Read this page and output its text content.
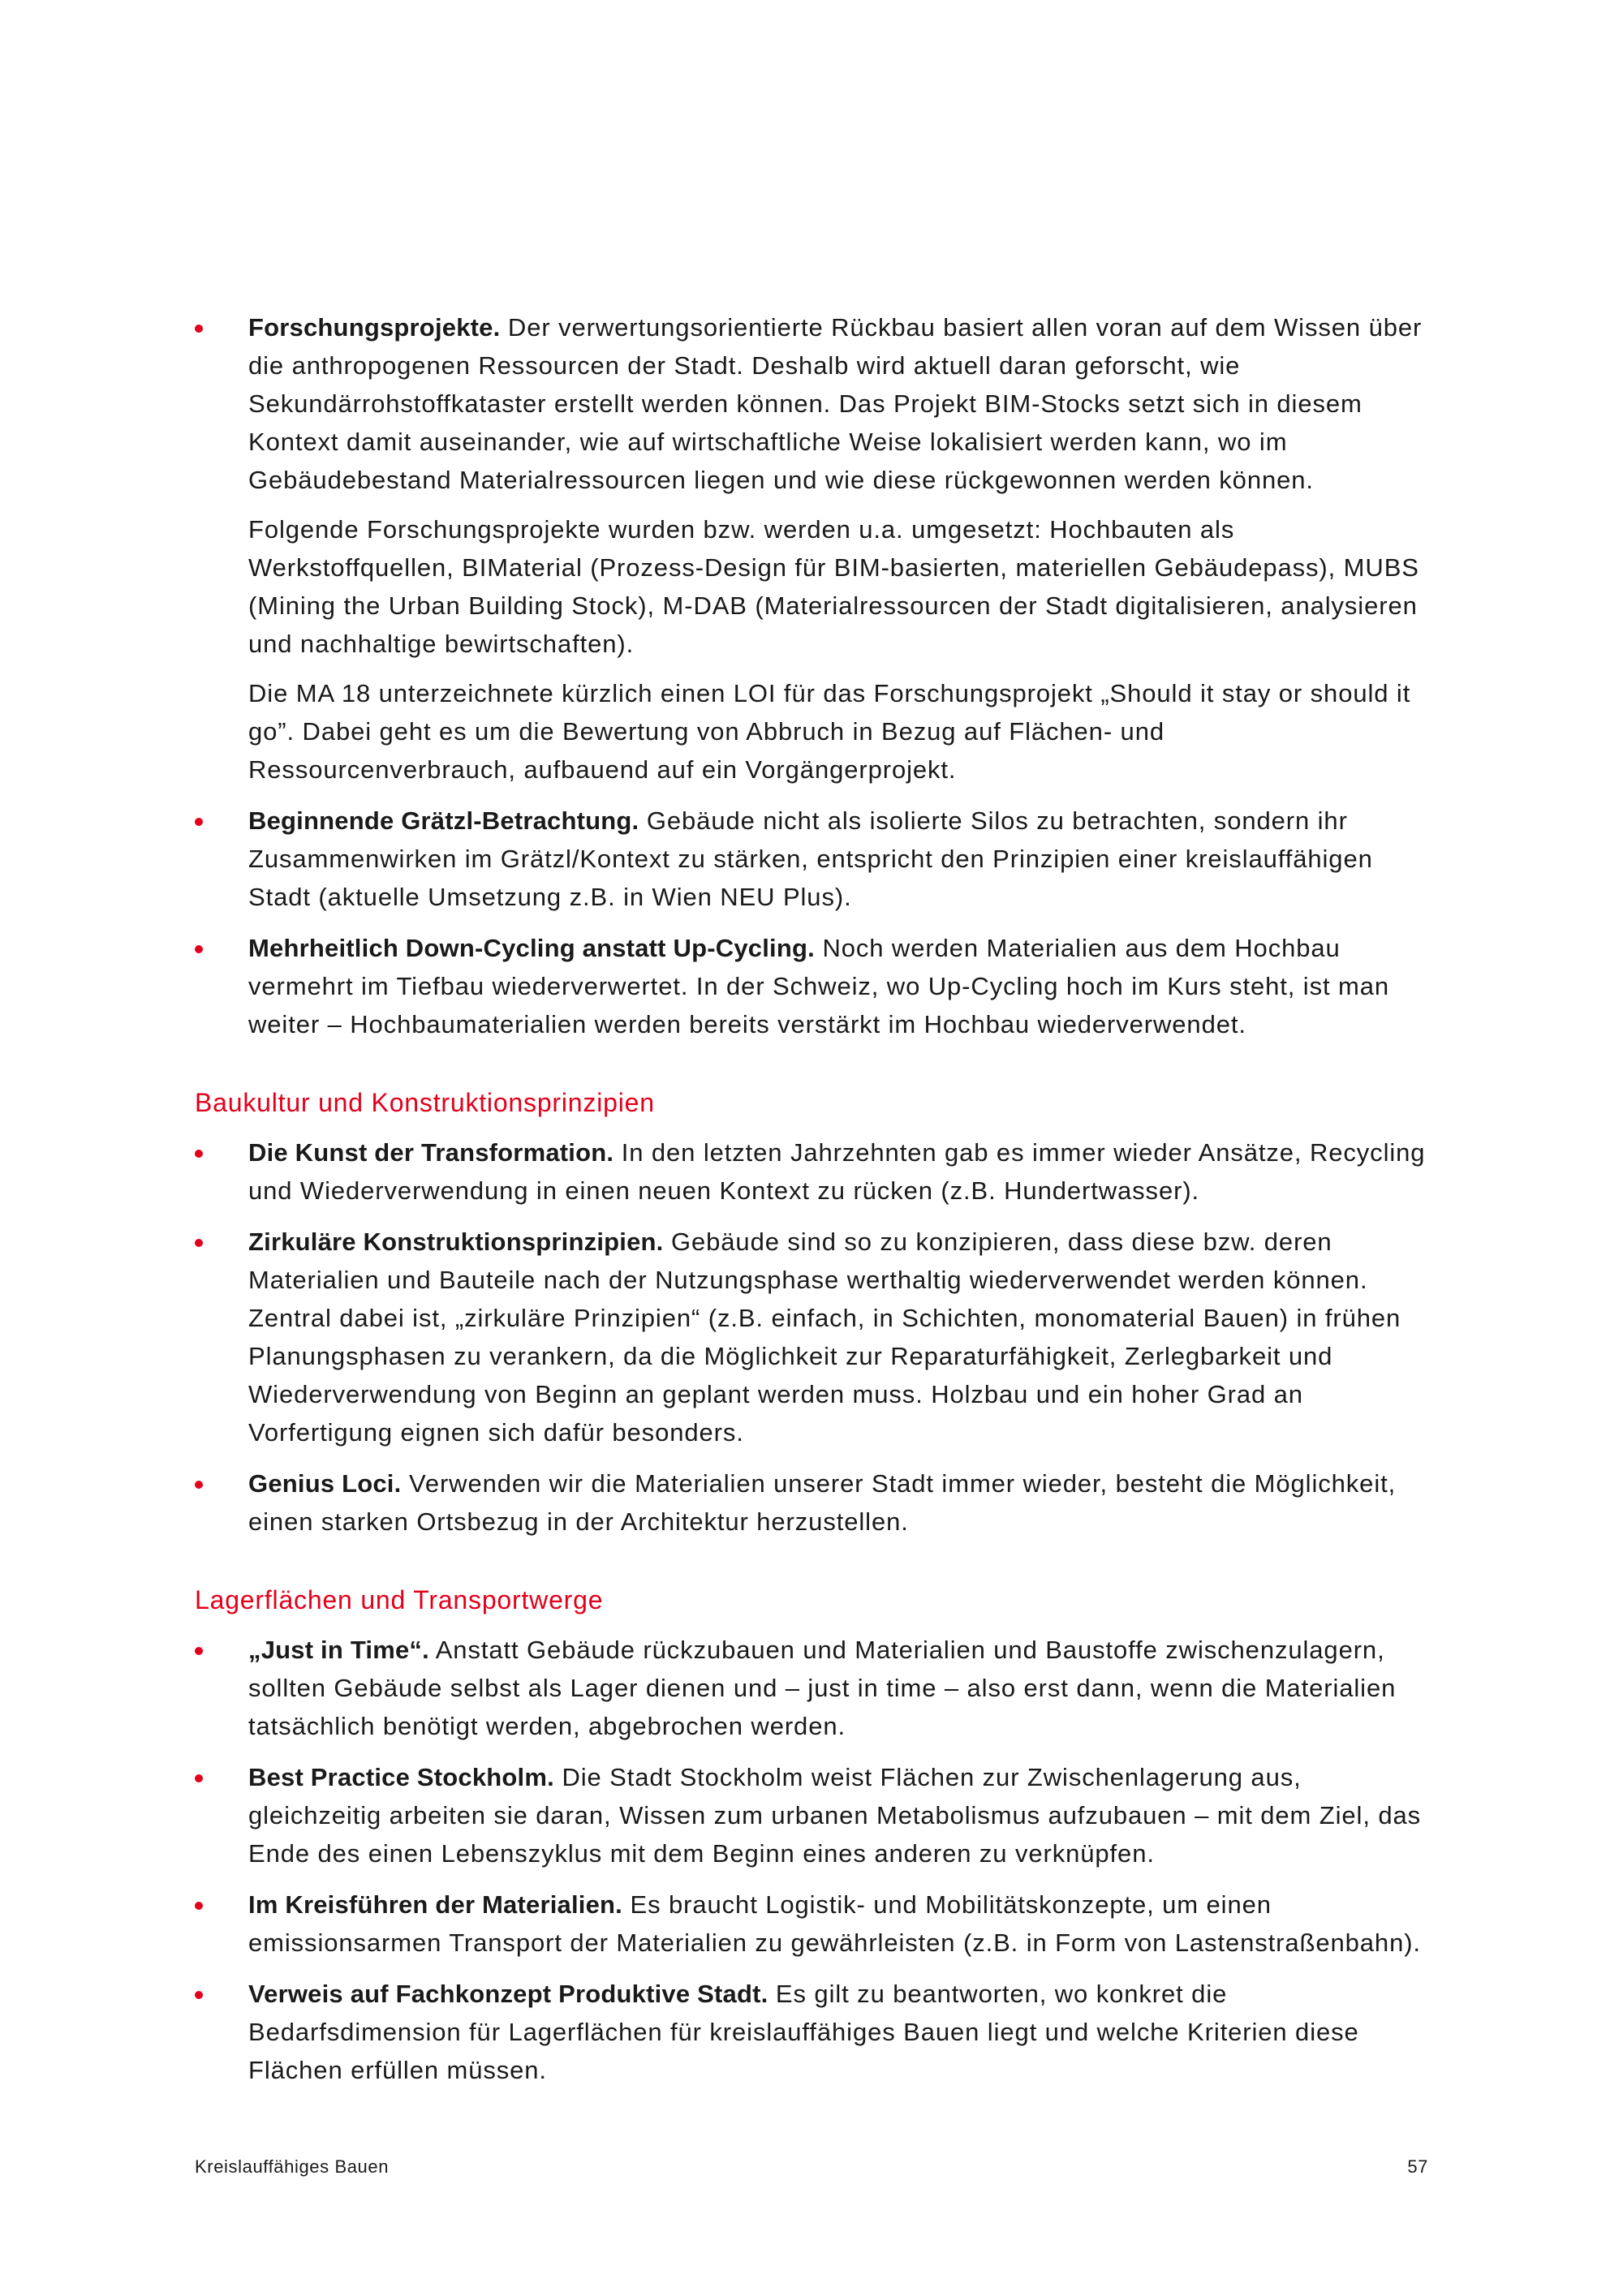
Forschungsprojekte. Der verwertungsorientierte Rückbau basiert allen voran auf dem Wissen über die anthropogenen Ressourcen der Stadt. Deshalb wird aktuell daran geforscht, wie Sekundärrohstoffkataster erstellt werden können. Das Projekt BIM-Stocks setzt sich in diesem Kontext damit auseinander, wie auf wirtschaftliche Weise lokalisiert werden kann, wo im Gebäudebestand Materialressourcen liegen und wie diese rückgewonnen werden können.

Folgende Forschungsprojekte wurden bzw. werden u.a. umgesetzt: Hochbauten als Werkstoffquellen, BIMaterial (Prozess-Design für BIM-basierten, materiellen Gebäudepass), MUBS (Mining the Urban Building Stock), M-DAB (Materialressourcen der Stadt digitalisieren, analysieren und nachhaltige bewirtschaften).

Die MA 18 unterzeichnete kürzlich einen LOI für das Forschungsprojekt „Should it stay or should it go”. Dabei geht es um die Bewertung von Abbruch in Bezug auf Flächen- und Ressourcenverbrauch, aufbauend auf ein Vorgängerprojekt.

Beginnende Grätzl-Betrachtung. Gebäude nicht als isolierte Silos zu betrachten, sondern ihr Zusammenwirken im Grätzl/Kontext zu stärken, entspricht den Prinzipien einer kreislauffähigen Stadt (aktuelle Umsetzung z.B. in Wien NEU Plus).

Mehrheitlich Down-Cycling anstatt Up-Cycling. Noch werden Materialien aus dem Hochbau vermehrt im Tiefbau wiederverwertet. In der Schweiz, wo Up-Cycling hoch im Kurs steht, ist man weiter – Hochbaumaterialien werden bereits verstärkt im Hochbau wiederverwendet.

Baukultur und Konstruktionsprinzipien

Die Kunst der Transformation. In den letzten Jahrzehnten gab es immer wieder Ansätze, Recycling und Wiederverwendung in einen neuen Kontext zu rücken (z.B. Hundertwasser).

Zirkuläre Konstruktionsprinzipien. Gebäude sind so zu konzipieren, dass diese bzw. deren Materialien und Bauteile nach der Nutzungsphase werthaltig wiederverwendet werden können. Zentral dabei ist, „zirkuläre Prinzipien“ (z.B. einfach, in Schichten, monomaterial Bauen) in frühen Planungsphasen zu verankern, da die Möglichkeit zur Reparaturfähigkeit, Zerlegbarkeit und Wiederverwendung von Beginn an geplant werden muss. Holzbau und ein hoher Grad an Vorfertigung eignen sich dafür besonders.

Genius Loci. Verwenden wir die Materialien unserer Stadt immer wieder, besteht die Möglichkeit, einen starken Ortsbezug in der Architektur herzustellen.

Lagerflächen und Transportwerge

„Just in Time“. Anstatt Gebäude rückzubauen und Materialien und Baustoffe zwischenzulagern, sollten Gebäude selbst als Lager dienen und – just in time – also erst dann, wenn die Materialien tatsächlich benötigt werden, abgebrochen werden.

Best Practice Stockholm. Die Stadt Stockholm weist Flächen zur Zwischenlagerung aus, gleichzeitig arbeiten sie daran, Wissen zum urbanen Metabolismus aufzubauen – mit dem Ziel, das Ende des einen Lebenszyklus mit dem Beginn eines anderen zu verknüpfen.

Im Kreisführen der Materialien. Es braucht Logistik- und Mobilitätskonzepte, um einen emissionsarmen Transport der Materialien zu gewährleisten (z.B. in Form von Lastenstraßenbahn).

Verweis auf Fachkonzept Produktive Stadt. Es gilt zu beantworten, wo konkret die Bedarfsdimension für Lagerflächen für kreislauffähiges Bauen liegt und welche Kriterien diese Flächen erfüllen müssen.

Kreislauffähiges Bauen	57
